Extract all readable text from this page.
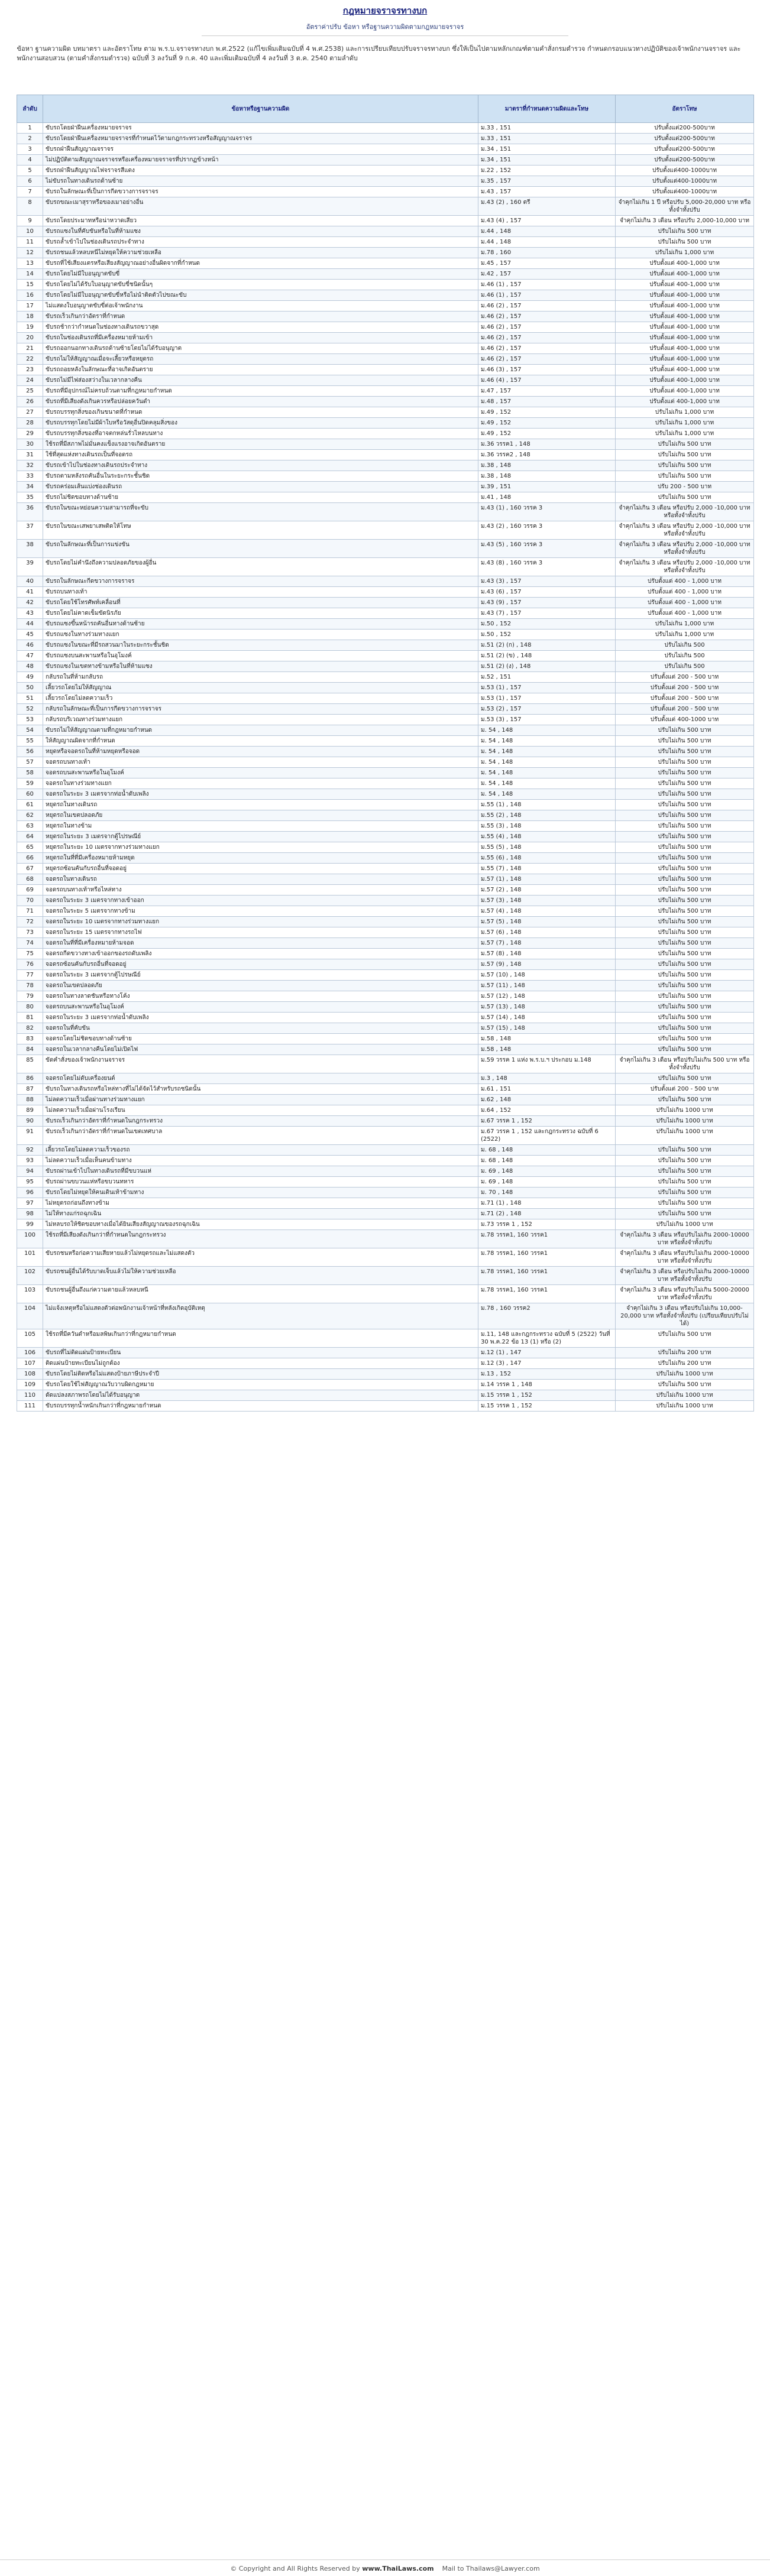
กฎหมายจราจรทางบก
อัตราค่าปรับ ข้อหา หรือฐานความผิดตามกฎหมายจราจร
ข้อหา ฐานความผิด บทมาตรา และอัตราโทษ ตาม พ.ร.บ.จราจรทางบก พ.ศ.2522 (แก้ไขเพิ่มเติมฉบับที่ 4 พ.ศ.2538) และการเปรียบเทียบปรับจราจรทางบก ซึ่งให้เป็นไปตามหลักเกณฑ์ตามคำสั่งกรมตำรวจ กำหนดกรอบแนวทางปฏิบัติของเจ้าพนักงานจราจร และพนักงานสอบสวน (ตามคำสั่งกรมตำรวจ) ฉบับที่ 3 ลงวันที่ 9 ก.ค. 40 และเพิ่มเติมฉบับที่ 4 ลงวันที่ 3 ต.ค. 2540 ตามลำดับ
ลำดับ	ข้อหาหรือฐานความผิด	มาตราที่กำหนดความผิดและโทษ	อัตราโทษ
1	ขับรถโดยฝ่าฝืนเครื่องหมายจราจร	ม.33 , 151	ปรับตั้งแต่200-500บาท
2	ขับรถโดยฝ่าฝืนเครื่องหมายจราจรที่กำหนดไว้ตามกฎกระทรวงหรือสัญญาณจราจร	ม.33 , 151	ปรับตั้งแต่200-500บาท
3	ขับรถฝ่าฝืนสัญญาณจราจร	ม.34 , 151	ปรับตั้งแต่200-500บาท
4	ไม่ปฏิบัติตามสัญญาณจราจรหรือเครื่องหมายจราจรที่ปรากฏข้างหน้า	ม.34 , 151	ปรับตั้งแต่200-500บาท
5	ขับรถฝ่าฝืนสัญญาณไฟจราจรสีแดง	ม.22 , 152	ปรับตั้งแต่400-1000บาท
6	ไม่ขับรถในทางเดินรถด้านซ้าย	ม.35 , 157	ปรับตั้งแต่400-1000บาท
7	ขับรถในลักษณะที่เป็นการกีดขวางการจราจร	ม.43 , 157	ปรับตั้งแต่400-1000บาท
8	ขับรถขณะเมาสุราหรือของเมาอย่างอื่น	ม.43 (2) , 160 ตรี	จำคุกไม่เกิน 1 ปี หรือปรับ 5,000-20,000 บาท หรือทั้งจำทั้งปรับ
9	ขับรถโดยประมาทหรือน่าหวาดเสียว	ม.43 (4) , 157	จำคุกไม่เกิน 3 เดือน หรือปรับ 2,000-10,000 บาท
10	ขับรถแซงในที่คับขันหรือในที่ห้ามแซง	ม.44 , 148	ปรับไม่เกิน 500 บาท
11	ขับรถล้ำเข้าไปในช่องเดินรถประจำทาง	ม.44 , 148	ปรับไม่เกิน 500 บาท
12	ขับรถชนแล้วหลบหนีไม่หยุดให้ความช่วยเหลือ	ม.78 , 160	ปรับไม่เกิน 1,000 บาท
13	ขับรถที่ใช้เสียงแตรหรือเสียงสัญญาณอย่างอื่นผิดจากที่กำหนด	ม.45 , 157	ปรับตั้งแต่ 400-1,000 บาท
14	ขับรถโดยไม่มีใบอนุญาตขับขี่	ม.42 , 157	ปรับตั้งแต่ 400-1,000 บาท
15	ขับรถโดยไม่ได้รับใบอนุญาตขับขี่ชนิดนั้นๆ	ม.46 (1) , 157	ปรับตั้งแต่ 400-1,000 บาท
16	ขับรถโดยไม่มีใบอนุญาตขับขี่หรือไม่นำติดตัวไปขณะขับ	ม.46 (1) , 157	ปรับตั้งแต่ 400-1,000 บาท
17	ไม่แสดงใบอนุญาตขับขี่ต่อเจ้าพนักงาน	ม.46 (2) , 157	ปรับตั้งแต่ 400-1,000 บาท
18	ขับรถเร็วเกินกว่าอัตราที่กำหนด	ม.46 (2) , 157	ปรับตั้งแต่ 400-1,000 บาท
19	ขับรถช้ากว่ากำหนดในช่องทางเดินรถขวาสุด	ม.46 (2) , 157	ปรับตั้งแต่ 400-1,000 บาท
20	ขับรถในช่องเดินรถที่มีเครื่องหมายห้ามเข้า	ม.46 (2) , 157	ปรับตั้งแต่ 400-1,000 บาท
21	ขับรถออกนอกทางเดินรถด้านซ้ายโดยไม่ได้รับอนุญาต	ม.46 (2) , 157	ปรับตั้งแต่ 400-1,000 บาท
22	ขับรถไม่ให้สัญญาณเมื่อจะเลี้ยวหรือหยุดรถ	ม.46 (2) , 157	ปรับตั้งแต่ 400-1,000 บาท
23	ขับรถถอยหลังในลักษณะที่อาจเกิดอันตราย	ม.46 (3) , 157	ปรับตั้งแต่ 400-1,000 บาท
24	ขับรถไม่มีไฟส่องสว่างในเวลากลางคืน	ม.46 (4) , 157	ปรับตั้งแต่ 400-1,000 บาท
25	ขับรถที่มีอุปกรณ์ไม่ครบถ้วนตามที่กฎหมายกำหนด	ม.47 , 157	ปรับตั้งแต่ 400-1,000 บาท
26	ขับรถที่มีเสียงดังเกินควรหรือปล่อยควันดำ	ม.48 , 157	ปรับตั้งแต่ 400-1,000 บาท
27	ขับรถบรรทุกสิ่งของเกินขนาดที่กำหนด	ม.49 , 152	ปรับไม่เกิน 1,000 บาท
28	ขับรถบรรทุกโดยไม่มีผ้าใบหรือวัสดุอื่นปิดคลุมสิ่งของ	ม.49 , 152	ปรับไม่เกิน 1,000 บาท
29	ขับรถบรรทุกสิ่งของที่อาจตกหล่นรั่วไหลบนทาง	ม.49 , 152	ปรับไม่เกิน 1,000 บาท
30	ใช้รถที่มีสภาพไม่มั่นคงแข็งแรงอาจเกิดอันตราย	ม.36 วรรค1 , 148	ปรับไม่เกิน 500 บาท
31	ใช้ที่สุดแห่งทางเดินรถเป็นที่จอดรถ	ม.36 วรรค2 , 148	ปรับไม่เกิน 500 บาท
32	ขับรถเข้าไปในช่องทางเดินรถประจำทาง	ม.38 , 148	ปรับไม่เกิน 500 บาท
33	ขับรถตามหลังรถคันอื่นในระยะกระชั้นชิด	ม.38 , 148	ปรับไม่เกิน 500 บาท
34	ขับรถคร่อมเส้นแบ่งช่องเดินรถ	ม.39 , 151	ปรับ 200 - 500 บาท
35	ขับรถไม่ชิดขอบทางด้านซ้าย	ม.41 , 148	ปรับไม่เกิน 500 บาท
36	ขับรถในขณะหย่อนความสามารถที่จะขับ	ม.43 (1) , 160 วรรค 3	จำคุกไม่เกิน 3 เดือน หรือปรับ 2,000 -10,000 บาท หรือทั้งจำทั้งปรับ
37	ขับรถในขณะเสพยาเสพติดให้โทษ	ม.43 (2) , 160 วรรค 3	จำคุกไม่เกิน 3 เดือน หรือปรับ 2,000 -10,000 บาท หรือทั้งจำทั้งปรับ
38	ขับรถในลักษณะที่เป็นการแข่งขัน	ม.43 (5) , 160 วรรค 3	จำคุกไม่เกิน 3 เดือน หรือปรับ 2,000 -10,000 บาท หรือทั้งจำทั้งปรับ
39	ขับรถโดยไม่คำนึงถึงความปลอดภัยของผู้อื่น	ม.43 (8) , 160 วรรค 3	จำคุกไม่เกิน 3 เดือน หรือปรับ 2,000 -10,000 บาท หรือทั้งจำทั้งปรับ
40	ขับรถในลักษณะกีดขวางการจราจร	ม.43 (3) , 157	ปรับตั้งแต่ 400 - 1,000 บาท
41	ขับรถบนทางเท้า	ม.43 (6) , 157	ปรับตั้งแต่ 400 - 1,000 บาท
42	ขับรถโดยใช้โทรศัพท์เคลื่อนที่	ม.43 (9) , 157	ปรับตั้งแต่ 400 - 1,000 บาท
43	ขับรถโดยไม่คาดเข็มขัดนิรภัย	ม.43 (7) , 157	ปรับตั้งแต่ 400 - 1,000 บาท
44	ขับรถแซงขึ้นหน้ารถคันอื่นทางด้านซ้าย	ม.50 , 152	ปรับไม่เกิน 1,000 บาท
45	ขับรถแซงในทางร่วมทางแยก	ม.50 , 152	ปรับไม่เกิน 1,000 บาท
46	ขับรถแซงในขณะที่มีรถสวนมาในระยะกระชั้นชิด	ม.51 (2) (ก) , 148	ปรับไม่เกิน 500
47	ขับรถแซงบนสะพานหรือในอุโมงค์	ม.51 (2) (ข) , 148	ปรับไม่เกิน 500
48	ขับรถแซงในเขตทางข้ามหรือในที่ห้ามแซง	ม.51 (2) (ง) , 148	ปรับไม่เกิน 500
49	กลับรถในที่ห้ามกลับรถ	ม.52 , 151	ปรับตั้งแต่ 200 - 500 บาท
50	เลี้ยวรถโดยไม่ให้สัญญาณ	ม.53 (1) , 157	ปรับตั้งแต่ 200 - 500 บาท
51	เลี้ยวรถโดยไม่ลดความเร็ว	ม.53 (1) , 157	ปรับตั้งแต่ 200 - 500 บาท
52	กลับรถในลักษณะที่เป็นการกีดขวางการจราจร	ม.53 (2) , 157	ปรับตั้งแต่ 200 - 500 บาท
53	กลับรถบริเวณทางร่วมทางแยก	ม.53 (3) , 157	ปรับตั้งแต่ 400-1000 บาท
54	ขับรถไม่ให้สัญญาณตามที่กฎหมายกำหนด	ม. 54 , 148	ปรับไม่เกิน 500 บาท
55	ให้สัญญาณผิดจากที่กำหนด	ม. 54 , 148	ปรับไม่เกิน 500 บาท
56	หยุดหรือจอดรถในที่ห้ามหยุดหรือจอด	ม. 54 , 148	ปรับไม่เกิน 500 บาท
57	จอดรถบนทางเท้า	ม. 54 , 148	ปรับไม่เกิน 500 บาท
58	จอดรถบนสะพานหรือในอุโมงค์	ม. 54 , 148	ปรับไม่เกิน 500 บาท
59	จอดรถในทางร่วมทางแยก	ม. 54 , 148	ปรับไม่เกิน 500 บาท
60	จอดรถในระยะ 3 เมตรจากท่อน้ำดับเพลิง	ม. 54 , 148	ปรับไม่เกิน 500 บาท
61	หยุดรถในทางเดินรถ	ม.55 (1) , 148	ปรับไม่เกิน 500 บาท
62	หยุดรถในเขตปลอดภัย	ม.55 (2) , 148	ปรับไม่เกิน 500 บาท
63	หยุดรถในทางข้าม	ม.55 (3) , 148	ปรับไม่เกิน 500 บาท
64	หยุดรถในระยะ 3 เมตรจากตู้ไปรษณีย์	ม.55 (4) , 148	ปรับไม่เกิน 500 บาท
65	หยุดรถในระยะ 10 เมตรจากทางร่วมทางแยก	ม.55 (5) , 148	ปรับไม่เกิน 500 บาท
66	หยุดรถในที่ที่มีเครื่องหมายห้ามหยุด	ม.55 (6) , 148	ปรับไม่เกิน 500 บาท
67	หยุดรถซ้อนคันกับรถอื่นที่จอดอยู่	ม.55 (7) , 148	ปรับไม่เกิน 500 บาท
68	จอดรถในทางเดินรถ	ม.57 (1) , 148	ปรับไม่เกิน 500 บาท
69	จอดรถบนทางเท้าหรือไหล่ทาง	ม.57 (2) , 148	ปรับไม่เกิน 500 บาท
70	จอดรถในระยะ 3 เมตรจากทางเข้าออก	ม.57 (3) , 148	ปรับไม่เกิน 500 บาท
71	จอดรถในระยะ 5 เมตรจากทางข้าม	ม.57 (4) , 148	ปรับไม่เกิน 500 บาท
72	จอดรถในระยะ 10 เมตรจากทางร่วมทางแยก	ม.57 (5) , 148	ปรับไม่เกิน 500 บาท
73	จอดรถในระยะ 15 เมตรจากทางรถไฟ	ม.57 (6) , 148	ปรับไม่เกิน 500 บาท
74	จอดรถในที่ที่มีเครื่องหมายห้ามจอด	ม.57 (7) , 148	ปรับไม่เกิน 500 บาท
75	จอดรถกีดขวางทางเข้าออกของรถดับเพลิง	ม.57 (8) , 148	ปรับไม่เกิน 500 บาท
76	จอดรถซ้อนคันกับรถอื่นที่จอดอยู่	ม.57 (9) , 148	ปรับไม่เกิน 500 บาท
77	จอดรถในระยะ 3 เมตรจากตู้ไปรษณีย์	ม.57 (10) , 148	ปรับไม่เกิน 500 บาท
78	จอดรถในเขตปลอดภัย	ม.57 (11) , 148	ปรับไม่เกิน 500 บาท
79	จอดรถในทางลาดชันหรือทางโค้ง	ม.57 (12) , 148	ปรับไม่เกิน 500 บาท
80	จอดรถบนสะพานหรือในอุโมงค์	ม.57 (13) , 148	ปรับไม่เกิน 500 บาท
81	จอดรถในระยะ 3 เมตรจากท่อน้ำดับเพลิง	ม.57 (14) , 148	ปรับไม่เกิน 500 บาท
82	จอดรถในที่คับขัน	ม.57 (15) , 148	ปรับไม่เกิน 500 บาท
83	จอดรถโดยไม่ชิดขอบทางด้านซ้าย	ม.58 , 148	ปรับไม่เกิน 500 บาท
84	จอดรถในเวลากลางคืนโดยไม่เปิดไฟ	ม.58 , 148	ปรับไม่เกิน 500 บาท
85	ขัดคำสั่งของเจ้าพนักงานจราจร	ม.59 วรรค 1 แห่ง พ.ร.บ.ฯ ประกอบ ม.148	จำคุกไม่เกิน 3 เดือน หรือปรับไม่เกิน 500 บาท หรือทั้งจำทั้งปรับ
86	จอดรถโดยไม่ดับเครื่องยนต์	ม.3 , 148	ปรับไม่เกิน 500 บาท
87	ขับรถในทางเดินรถหรือไหล่ทางที่ไม่ได้จัดไว้สำหรับรถชนิดนั้น	ม.61 , 151	ปรับตั้งแต่ 200 - 500 บาท
88	ไม่ลดความเร็วเมื่อผ่านทางร่วมทางแยก	ม.62 , 148	ปรับไม่เกิน 500 บาท
89	ไม่ลดความเร็วเมื่อผ่านโรงเรียน	ม.64 , 152	ปรับไม่เกิน 1000 บาท
90	ขับรถเร็วเกินกว่าอัตราที่กำหนดในกฎกระทรวง	ม.67 วรรค 1 , 152	ปรับไม่เกิน 1000 บาท
91	ขับรถเร็วเกินกว่าอัตราที่กำหนดในเขตเทศบาล	ม.67 วรรค 1 , 152 และกฎกระทรวง ฉบับที่ 6 (2522)	ปรับไม่เกิน 1000 บาท
92	เลี้ยวรถโดยไม่ลดความเร็วของรถ	ม. 68 , 148	ปรับไม่เกิน 500 บาท
93	ไม่ลดความเร็วเมื่อเห็นคนข้ามทาง	ม. 68 , 148	ปรับไม่เกิน 500 บาท
94	ขับรถผ่านเข้าไปในทางเดินรถที่มีขบวนแห่	ม. 69 , 148	ปรับไม่เกิน 500 บาท
95	ขับรถผ่านขบวนแห่หรือขบวนทหาร	ม. 69 , 148	ปรับไม่เกิน 500 บาท
96	ขับรถโดยไม่หยุดให้คนเดินเท้าข้ามทาง	ม. 70 , 148	ปรับไม่เกิน 500 บาท
97	ไม่หยุดรถก่อนถึงทางข้าม	ม.71 (1) , 148	ปรับไม่เกิน 500 บาท
98	ไม่ให้ทางแก่รถฉุกเฉิน	ม.71 (2) , 148	ปรับไม่เกิน 500 บาท
99	ไม่หลบรถให้ชิดขอบทางเมื่อได้ยินเสียงสัญญาณของรถฉุกเฉิน	ม.73 วรรค 1 , 152	ปรับไม่เกิน 1000 บาท
100	ใช้รถที่มีเสียงดังเกินกว่าที่กำหนดในกฎกระทรวง	ม.78 วรรค1, 160 วรรค1	จำคุกไม่เกิน 3 เดือน หรือปรับไม่เกิน 2000-10000 บาท หรือทั้งจำทั้งปรับ
101	ขับรถชนหรือก่อความเสียหายแล้วไม่หยุดรถและไม่แสดงตัว	ม.78 วรรค1, 160 วรรค1	จำคุกไม่เกิน 3 เดือน หรือปรับไม่เกิน 2000-10000 บาท หรือทั้งจำทั้งปรับ
102	ขับรถชนผู้อื่นได้รับบาดเจ็บแล้วไม่ให้ความช่วยเหลือ	ม.78 วรรค1, 160 วรรค1	จำคุกไม่เกิน 3 เดือน หรือปรับไม่เกิน 2000-10000 บาท หรือทั้งจำทั้งปรับ
103	ขับรถชนผู้อื่นถึงแก่ความตายแล้วหลบหนี	ม.78 วรรค1, 160 วรรค1	จำคุกไม่เกิน 3 เดือน หรือปรับไม่เกิน 5000-20000 บาท หรือทั้งจำทั้งปรับ
104	ไม่แจ้งเหตุหรือไม่แสดงตัวต่อพนักงานเจ้าหน้าที่หลังเกิดอุบัติเหตุ	ม.78 , 160 วรรค2	จำคุกไม่เกิน 3 เดือน หรือปรับไม่เกิน 10,000-20,000 บาท หรือทั้งจำทั้งปรับ (เปรียบเทียบปรับไม่ได้)
105	ใช้รถที่มีควันดำหรือมลพิษเกินกว่าที่กฎหมายกำหนด	ม.11, 148 และกฎกระทรวง ฉบับที่ 5 (2522) วันที่ 30 พ.ค.22 ข้อ 13 (1) หรือ (2)	ปรับไม่เกิน 500 บาท
106	ขับรถที่ไม่ติดแผ่นป้ายทะเบียน	ม.12 (1) , 147	ปรับไม่เกิน 200 บาท
107	ติดแผ่นป้ายทะเบียนไม่ถูกต้อง	ม.12 (3) , 147	ปรับไม่เกิน 200 บาท
108	ขับรถโดยไม่ติดหรือไม่แสดงป้ายภาษีประจำปี	ม.13 , 152	ปรับไม่เกิน 1000 บาท
109	ขับรถโดยใช้ไฟสัญญาณวับวาบผิดกฎหมาย	ม.14 วรรค 1 , 148	ปรับไม่เกิน 500 บาท
110	ดัดแปลงสภาพรถโดยไม่ได้รับอนุญาต	ม.15 วรรค 1 , 152	ปรับไม่เกิน 1000 บาท
111	ขับรถบรรทุกน้ำหนักเกินกว่าที่กฎหมายกำหนด	ม.15 วรรค 1 , 152	ปรับไม่เกิน 1000 บาท
© Copyright and All Rights Reserved by www.ThaiLaws.com Mail to Thailaws@Lawyer.com
